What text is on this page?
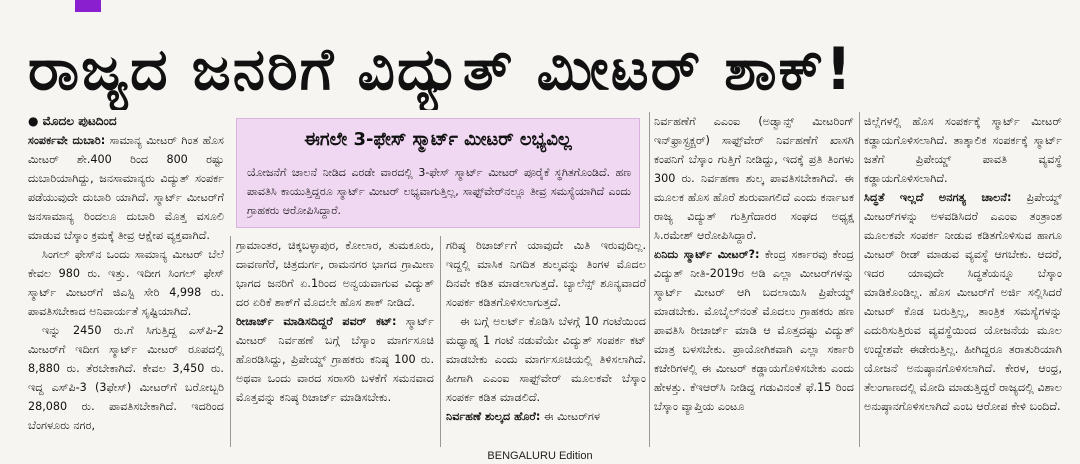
ರಾಜ್ಯದ ಜನರಿಗೆ ವಿದ್ಯುತ್ ಮೀಟರ್ ಶಾಕ್!
ಈಗಲೇ 3-ಫೇಸ್ ಸ್ಮಾರ್ಟ್ ಮೀಟರ್ ಲಭ್ಯವಿಲ್ಲ
ಯೋಜನೆಗೆ ಚಾಲನೆ ನೀಡಿದ ಎರಡೇ ವಾರದಲ್ಲಿ 3-ಫೇಸ್ ಸ್ಮಾರ್ಟ್ ಮೀಟರ್ ಪೂರೈಕೆ ಸ್ಥಗಿತಗೊಂಡಿದೆ. ಹಣ ಪಾವತಿಸಿ ಕಾಯುತ್ತಿದ್ದರೂ ಸ್ಮಾರ್ಟ್ ಮೀಟರ್ ಲಭ್ಯವಾಗುತ್ತಿಲ್ಲ, ಸಾಫ್ಟ್‌ವೇರ್‌ನಲ್ಲೂ ತೀವ್ರ ಸಮಸ್ಯೆಯಾಗಿದೆ ಎಂದು ಗ್ರಾಹಕರು ಆರೋಪಿಸಿದ್ದಾರೆ.

● ಮೊದಲ ಪುಟದಿಂದ

ಸಂಪರ್ಕವೇ ದುಬಾರಿ: ಸಾಮಾನ್ಯ ಮೀಟರ್ ಗಿಂತ ಹೊಸ ಮೀಟರ್ ಶೇ.400 ರಿಂದ 800 ರಷ್ಟು ದುಬಾರಿಯಾಗಿದ್ದು, ಜನಸಾಮಾನ್ಯರು ವಿದ್ಯುತ್ ಸಂಪರ್ಕ ಪಡೆಯುವುದೇ ದುಬಾರಿ ಯಾಗಿದೆ. ಸ್ಮಾರ್ಟ್ ಮೀಟರ್‌ಗೆ ಜನಸಾಮಾನ್ಯ ರಿಂದಲೂ ದುಬಾರಿ ಮೊತ್ತ ವಸೂಲಿ ಮಾಡುವ ಬೆಸ್ಕಾಂ ಕ್ರಮಕ್ಕೆ ತೀವ್ರ ಆಕ್ಷೇಪ ವ್ಯಕ್ತವಾಗಿದೆ.

ಸಿಂಗಲ್ ಫೇಸ್‌ನ ಒಂದು ಸಾಮಾನ್ಯ ಮೀಟರ್ ಬೆಲೆ ಕೇವಲ 980 ರು. ಇತ್ತು. ಇದೀಗ ಸಿಂಗಲ್ ಫೇಸ್ ಸ್ಮಾರ್ಟ್ ಮೀಟರ್‌ಗೆ ಜಿಎಸ್ಟಿ ಸೇರಿ 4,998 ರು. ಪಾವತಿಸಬೇಕಾದ ಅನಿವಾರ್ಯತೆ ಸೃಷ್ಟಿಯಾಗಿದೆ.

ಇನ್ನು 2450 ರು.ಗೆ ಸಿಗುತ್ತಿದ್ದ ಎಸ್‌ಪಿ-2 ಮೀಟರ್‌ಗೆ ಇದೀಗ ಸ್ಮಾರ್ಟ್ ಮೀಟರ್ ರೂಪದಲ್ಲಿ 8,880 ರು. ತೆರಬೇಕಾಗಿದೆ. ಕೇವಲ 3,450 ರು. ಇದ್ದ ಎಸ್‌ಪಿ-3 (3ಫೇಸ್) ಮೀಟರ್‌ಗೆ ಬರೋಬ್ಬರಿ 28,080 ರು. ಪಾವತಿಸಬೇಕಾಗಿದೆ. ಇದರಿಂದ ಬೆಂಗಳೂರು ನಗರ,

ಗ್ರಾಮಾಂತರ, ಚಿಕ್ಕಬಳ್ಳಾಪುರ, ಕೋಲಾರ, ತುಮಕೂರು, ದಾವಣಗೆರೆ, ಚಿತ್ರದುರ್ಗ, ರಾಮನಗರ ಭಾಗದ ಗ್ರಾಮೀಣ ಭಾಗದ ಜನರಿಗೆ ಏ.1ರಿಂದ ಅನ್ವಯವಾಗುವ ವಿದ್ಯುತ್ ದರ ಏರಿಕೆ ಶಾಕ್‌ಗೆ ಮೊದಲೇ ಹೊಸ ಶಾಕ್ ನೀಡಿದೆ.

ರೀಚಾರ್ಜ್ ಮಾಡಿಸದಿದ್ದರೆ ಪವರ್ ಕಟ್: ಸ್ಮಾರ್ಟ್ ಮೀಟರ್ ನಿರ್ವಹಣೆ ಬಗ್ಗೆ ಬೆಸ್ಕಾಂ ಮಾರ್ಗಸೂಚಿ ಹೊರಡಿಸಿದ್ದು, ಪ್ರಿಪೇಯ್ಡ್ ಗ್ರಾಹಕರು ಕನಿಷ್ಠ 100 ರು. ಅಥವಾ ಒಂದು ವಾರದ ಸರಾಸರಿ ಬಳಕೆಗೆ ಸಮನವಾದ ಮೊತ್ತವನ್ನು ಕನಿಷ್ಠ ರಿಚಾರ್ಜ್ ಮಾಡಿಸಬೇಕು.

ಗರಿಷ್ಠ ರಿಚಾರ್ಜ್‌ಗೆ ಯಾವುದೇ ಮಿತಿ ಇರುವುದಿಲ್ಲ. ಇದ್ದಲ್ಲಿ ಮಾಸಿಕ ನಿಗದಿತ ಶುಲ್ಕವನ್ನು ತಿಂಗಳ ಮೊದಲ ದಿನವೇ ಕಡಿತ ಮಾಡಲಾಗುತ್ತದೆ. ಬ್ಯಾಲೆನ್ಸ್ ಶೂನ್ಯವಾದರೆ ಸಂಪರ್ಕ ಕಡಿತಗೊಳಿಸಲಾಗುತ್ತದೆ.

ಈ ಬಗ್ಗೆ ಅಲರ್ಟ್ ಕೊಡಿಸಿ ಬೆಳಗ್ಗೆ 10 ಗಂಟೆಯಿಂದ ಮಧ್ಯಾಹ್ನ 1 ಗಂಟೆ ನಡುವೆಯೇ ವಿದ್ಯುತ್ ಸಂಪರ್ಕ ಕಟ್ ಮಾಡಬೇಕು ಎಂದು ಮಾರ್ಗಸೂಚಿಯಲ್ಲಿ ತಿಳಿಸಲಾಗಿದೆ. ಹೀಗಾಗಿ ಎಎಂಐ ಸಾಫ್ಟ್‌ವೇರ್ ಮೂಲಕವೇ ಬೆಸ್ಕಾಂ ಸಂಪರ್ಕ ಕಡಿತ ಮಾಡಲಿದೆ.

ನಿರ್ವಹಣೆ ಶುಲ್ಕದ ಹೊರೆ: ಈ ಮೀಟರ್‌ಗಳ

ನಿರ್ವಹಣೆಗೆ ಎಎಂಐ (ಅಡ್ವಾನ್ಸ್ ಮೀಟರಿಂಗ್ ಇನ್‌ಫ್ರಾಸ್ಟ್ರಕ್ಚರ್) ಸಾಫ್ಟ್‌ವೇರ್ ನಿರ್ವಹಣೆಗೆ ಖಾಸಗಿ ಕಂಪನಿಗೆ ಬೆಸ್ಕಾಂ ಗುತ್ತಿಗೆ ನೀಡಿದ್ದು, ಇದಕ್ಕೆ ಪ್ರತಿ ತಿಂಗಳು 300 ರು. ನಿರ್ವಹಣಾ ಶುಲ್ಕ ಪಾವತಿಸಬೇಕಾಗಿದೆ. ಈ ಮೂಲಕ ಹೊಸ ಹೊರೆ ಶುರುವಾಗಲಿದೆ ಎಂದು ಕರ್ನಾಟಕ ರಾಜ್ಯ ವಿದ್ಯುತ್ ಗುತ್ತಿಗೆದಾರರ ಸಂಘದ ಅಧ್ಯಕ್ಷ ಸಿ.ರಮೇಶ್ ಆರೋಪಿಸಿದ್ದಾರೆ.

ಏನಿದು ಸ್ಮಾರ್ಟ್ ಮೀಟರ್?: ಕೇಂದ್ರ ಸರ್ಕಾರವು ಕೇಂದ್ರ ವಿದ್ಯುತ್ ನೀತಿ-2019ರ ಅಡಿ ಎಲ್ಲಾ ಮೀಟರ್‌ಗಳನ್ನು ಸ್ಮಾರ್ಟ್ ಮೀಟರ್ ಆಗಿ ಬದಲಾಯಿಸಿ ಪ್ರಿಪೇಯ್ಡ್ ಮಾಡಬೇಕು. ಮೊಬೈಲ್‌ನಂತೆ ಮೊದಲು ಗ್ರಾಹಕರು ಹಣ ಪಾವತಿಸಿ ರೀಚಾರ್ಜ್ ಮಾಡಿ ಆ ಮೊತ್ತದಷ್ಟು ವಿದ್ಯುತ್ ಮಾತ್ರ ಬಳಸಬೇಕು. ಪ್ರಾಯೋಗಿಕವಾಗಿ ಎಲ್ಲಾ ಸರ್ಕಾರಿ ಕಚೇರಿಗಳಲ್ಲಿ ಈ ಮೀಟರ್ ಕಡ್ಡಾಯಗೊಳಿಸಬೇಕು ಎಂದು ಹೇಳತ್ತು. ಕೆಇಆರ್‌ಸಿ ನೀಡಿದ್ದ ಗಡುವಿನಂತೆ ಫೆ.15 ರಿಂದ ಬೆಸ್ಕಾಂ ವ್ಯಾಪ್ತಿಯ ಎಂಟೂ

ಜಿಲ್ಲೆಗಳಲ್ಲಿ ಹೊಸ ಸಂಪರ್ಕಕ್ಕೆ ಸ್ಮಾರ್ಟ್ ಮೀಟರ್ ಕಡ್ಡಾಯಗೊಳಿಸಲಾಗಿದೆ. ತಾತ್ಕಾಲಿಕ ಸಂಪರ್ಕಕ್ಕೆ ಸ್ಮಾರ್ಟ್ ಜತೆಗೆ ಪ್ರಿಪೇಯ್ಡ್ ಪಾವತಿ ವ್ಯವಸ್ಥೆ ಕಡ್ಡಾಯಗೊಳಿಸಲಾಗಿದೆ.

ಸಿದ್ಧತೆ ಇಲ್ಲದೆ ಅನಗತ್ಯ ಚಾಲನೆ: ಪ್ರಿಪೇಯ್ಡ್ ಮೀಟರ್‌ಗಳನ್ನು ಅಳವಡಿಸಿದರೆ ಎಎಂಐ ತಂತ್ರಾಂಶ ಮೂಲಕವೇ ಸಂಪರ್ಕ ನೀಡುವ ಕಡಿತಗೊಳಿಸುವ ಹಾಗೂ ಮೀಟರ್ ರೀಡ್ ಮಾಡುವ ವ್ಯವಸ್ಥೆ ಆಗಬೇಕು. ಆದರೆ, ಇದರ ಯಾವುದೇ ಸಿದ್ಧತೆಯನ್ನೂ ಬೆಸ್ಕಾಂ ಮಾಡಿಕೊಂಡಿಲ್ಲ. ಹೊಸ ಮೀಟರ್‌ಗೆ ಅರ್ಜಿ ಸಲ್ಲಿಸಿದರೆ ಮೀಟರ್ ಕೊಡ ಬರುತ್ತಿಲ್ಲ, ತಾಂತ್ರಿಕ ಸಮಸ್ಯೆಗಳನ್ನು ಎದುರಿಸುತ್ತಿರುವ ವ್ಯವಸ್ಥೆಯಿಂದ ಯೋಜನೆಯ ಮೂಲ ಉದ್ದೇಶವೇ ಈಡೇರುತ್ತಿಲ್ಲ. ಹೀಗಿದ್ದರೂ ತರಾತುರಿಯಾಗಿ ಯೋಜನೆ ಅನುಷ್ಠಾನಗೊಳಿಸಲಾಗಿದೆ. ಕೇರಳ, ಆಂಧ್ರ, ತೆಲಂಗಾಣದಲ್ಲಿ ಮೋದಿ ಮಾಡುತ್ತಿದ್ದರೆ ರಾಜ್ಯದಲ್ಲಿ ವಿಶಾಲ ಅನುಷ್ಠಾನಗೊಳಿಸಲಾಗಿದೆ ಎಂಬ ಆರೋಪ ಕೇಳಿ ಬಂದಿದೆ.

BENGALURU Edition
